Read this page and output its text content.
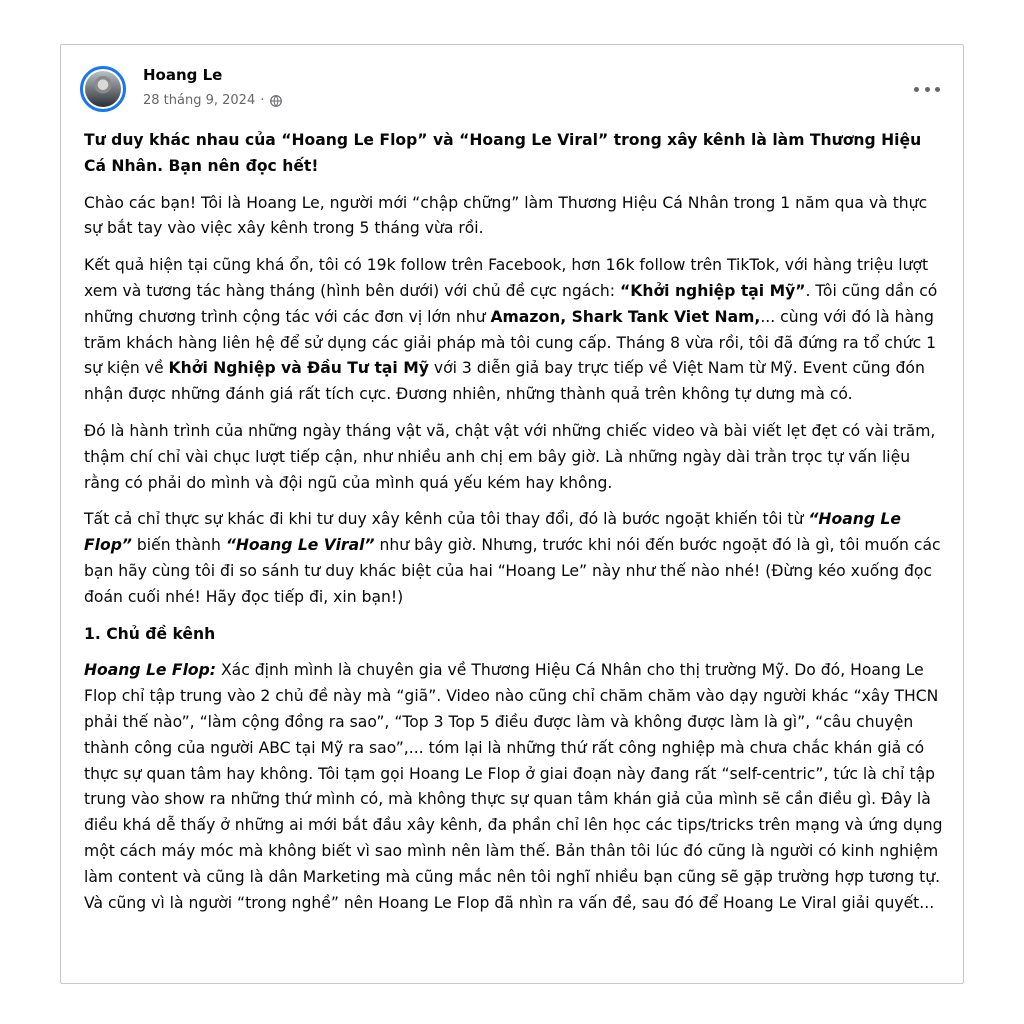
Hoang Le
28 tháng 9, 2024 ·

Tư duy khác nhau của “Hoang Le Flop” và “Hoang Le Viral” trong xây kênh là làm Thương Hiệu Cá Nhân. Bạn nên đọc hết!

Chào các bạn! Tôi là Hoang Le, người mới “chập chững” làm Thương Hiệu Cá Nhân trong 1 năm qua và thực sự bắt tay vào việc xây kênh trong 5 tháng vừa rồi.

Kết quả hiện tại cũng khá ổn, tôi có 19k follow trên Facebook, hơn 16k follow trên TikTok, với hàng triệu lượt xem và tương tác hàng tháng (hình bên dưới) với chủ đề cực ngách: “Khởi nghiệp tại Mỹ”. Tôi cũng dần có những chương trình cộng tác với các đơn vị lớn như Amazon, Shark Tank Viet Nam,... cùng với đó là hàng trăm khách hàng liên hệ để sử dụng các giải pháp mà tôi cung cấp. Tháng 8 vừa rồi, tôi đã đứng ra tổ chức 1 sự kiện về Khởi Nghiệp và Đầu Tư tại Mỹ với 3 diễn giả bay trực tiếp về Việt Nam từ Mỹ. Event cũng đón nhận được những đánh giá rất tích cực. Đương nhiên, những thành quả trên không tự dưng mà có.

Đó là hành trình của những ngày tháng vật vã, chật vật với những chiếc video và bài viết lẹt đẹt có vài trăm, thậm chí chỉ vài chục lượt tiếp cận, như nhiều anh chị em bây giờ. Là những ngày dài trằn trọc tự vấn liệu rằng có phải do mình và đội ngũ của mình quá yếu kém hay không.

Tất cả chỉ thực sự khác đi khi tư duy xây kênh của tôi thay đổi, đó là bước ngoặt khiến tôi từ “Hoang Le Flop” biến thành “Hoang Le Viral” như bây giờ. Nhưng, trước khi nói đến bước ngoặt đó là gì, tôi muốn các bạn hãy cùng tôi đi so sánh tư duy khác biệt của hai “Hoang Le” này như thế nào nhé! (Đừng kéo xuống đọc đoán cuối nhé! Hãy đọc tiếp đi, xin bạn!)

1. Chủ đề kênh

Hoang Le Flop: Xác định mình là chuyên gia về Thương Hiệu Cá Nhân cho thị trường Mỹ. Do đó, Hoang Le Flop chỉ tập trung vào 2 chủ đề này mà “giã”. Video nào cũng chỉ chăm chăm vào dạy người khác “xây THCN phải thế nào”, “làm cộng đồng ra sao”, “Top 3 Top 5 điều được làm và không được làm là gì”, “câu chuyện thành công của người ABC tại Mỹ ra sao”,... tóm lại là những thứ rất công nghiệp mà chưa chắc khán giả có thực sự quan tâm hay không. Tôi tạm gọi Hoang Le Flop ở giai đoạn này đang rất “self-centric”, tức là chỉ tập trung vào show ra những thứ mình có, mà không thực sự quan tâm khán giả của mình sẽ cần điều gì. Đây là điều khá dễ thấy ở những ai mới bắt đầu xây kênh, đa phần chỉ lên học các tips/tricks trên mạng và ứng dụng một cách máy móc mà không biết vì sao mình nên làm thế. Bản thân tôi lúc đó cũng là người có kinh nghiệm làm content và cũng là dân Marketing mà cũng mắc nên tôi nghĩ nhiều bạn cũng sẽ gặp trường hợp tương tự. Và cũng vì là người “trong nghề” nên Hoang Le Flop đã nhìn ra vấn đề, sau đó để Hoang Le Viral giải quyết...
